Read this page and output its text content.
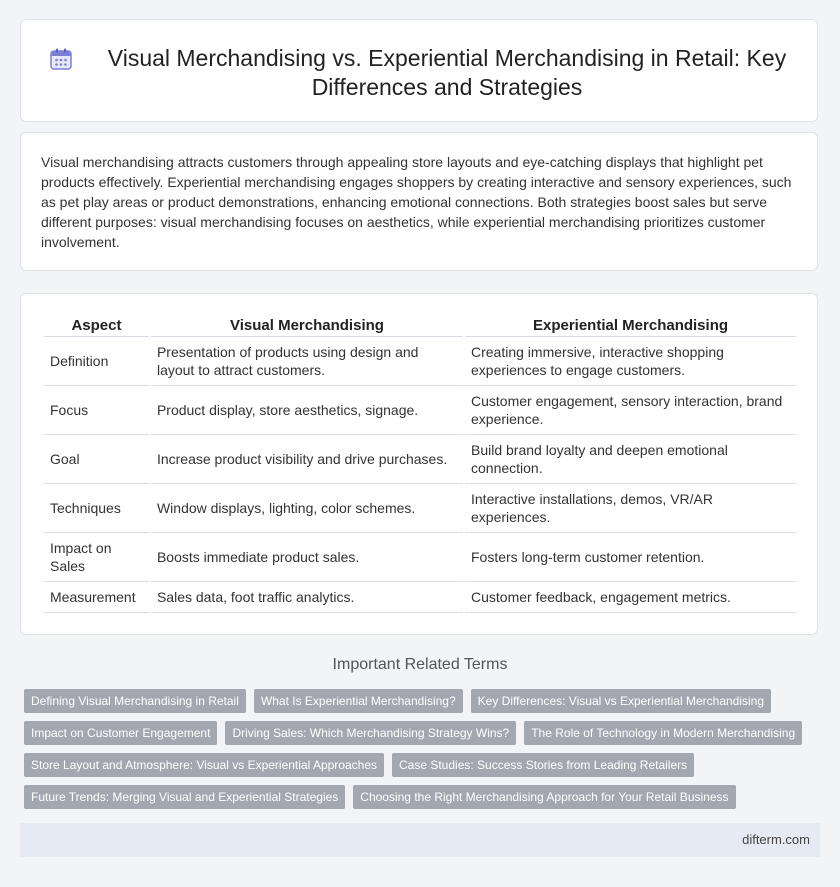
Visual Merchandising vs. Experiential Merchandising in Retail: Key Differences and Strategies

Visual merchandising attracts customers through appealing store layouts and eye-catching displays that highlight pet products effectively. Experiential merchandising engages shoppers by creating interactive and sensory experiences, such as pet play areas or product demonstrations, enhancing emotional connections. Both strategies boost sales but serve different purposes: visual merchandising focuses on aesthetics, while experiential merchandising prioritizes customer involvement.

Aspect	Visual Merchandising	Experiential Merchandising
Definition	Presentation of products using design and layout to attract customers.	Creating immersive, interactive shopping experiences to engage customers.
Focus	Product display, store aesthetics, signage.	Customer engagement, sensory interaction, brand experience.
Goal	Increase product visibility and drive purchases.	Build brand loyalty and deepen emotional connection.
Techniques	Window displays, lighting, color schemes.	Interactive installations, demos, VR/AR experiences.
Impact on Sales	Boosts immediate product sales.	Fosters long-term customer retention.
Measurement	Sales data, foot traffic analytics.	Customer feedback, engagement metrics.
Important Related Terms
Defining Visual Merchandising in Retail	What Is Experiential Merchandising?	Key Differences: Visual vs Experiential Merchandising
Impact on Customer Engagement	Driving Sales: Which Merchandising Strategy Wins?	The Role of Technology in Modern Merchandising
Store Layout and Atmosphere: Visual vs Experiential Approaches	Case Studies: Success Stories from Leading Retailers
Future Trends: Merging Visual and Experiential Strategies	Choosing the Right Merchandising Approach for Your Retail Business
difterm.com
